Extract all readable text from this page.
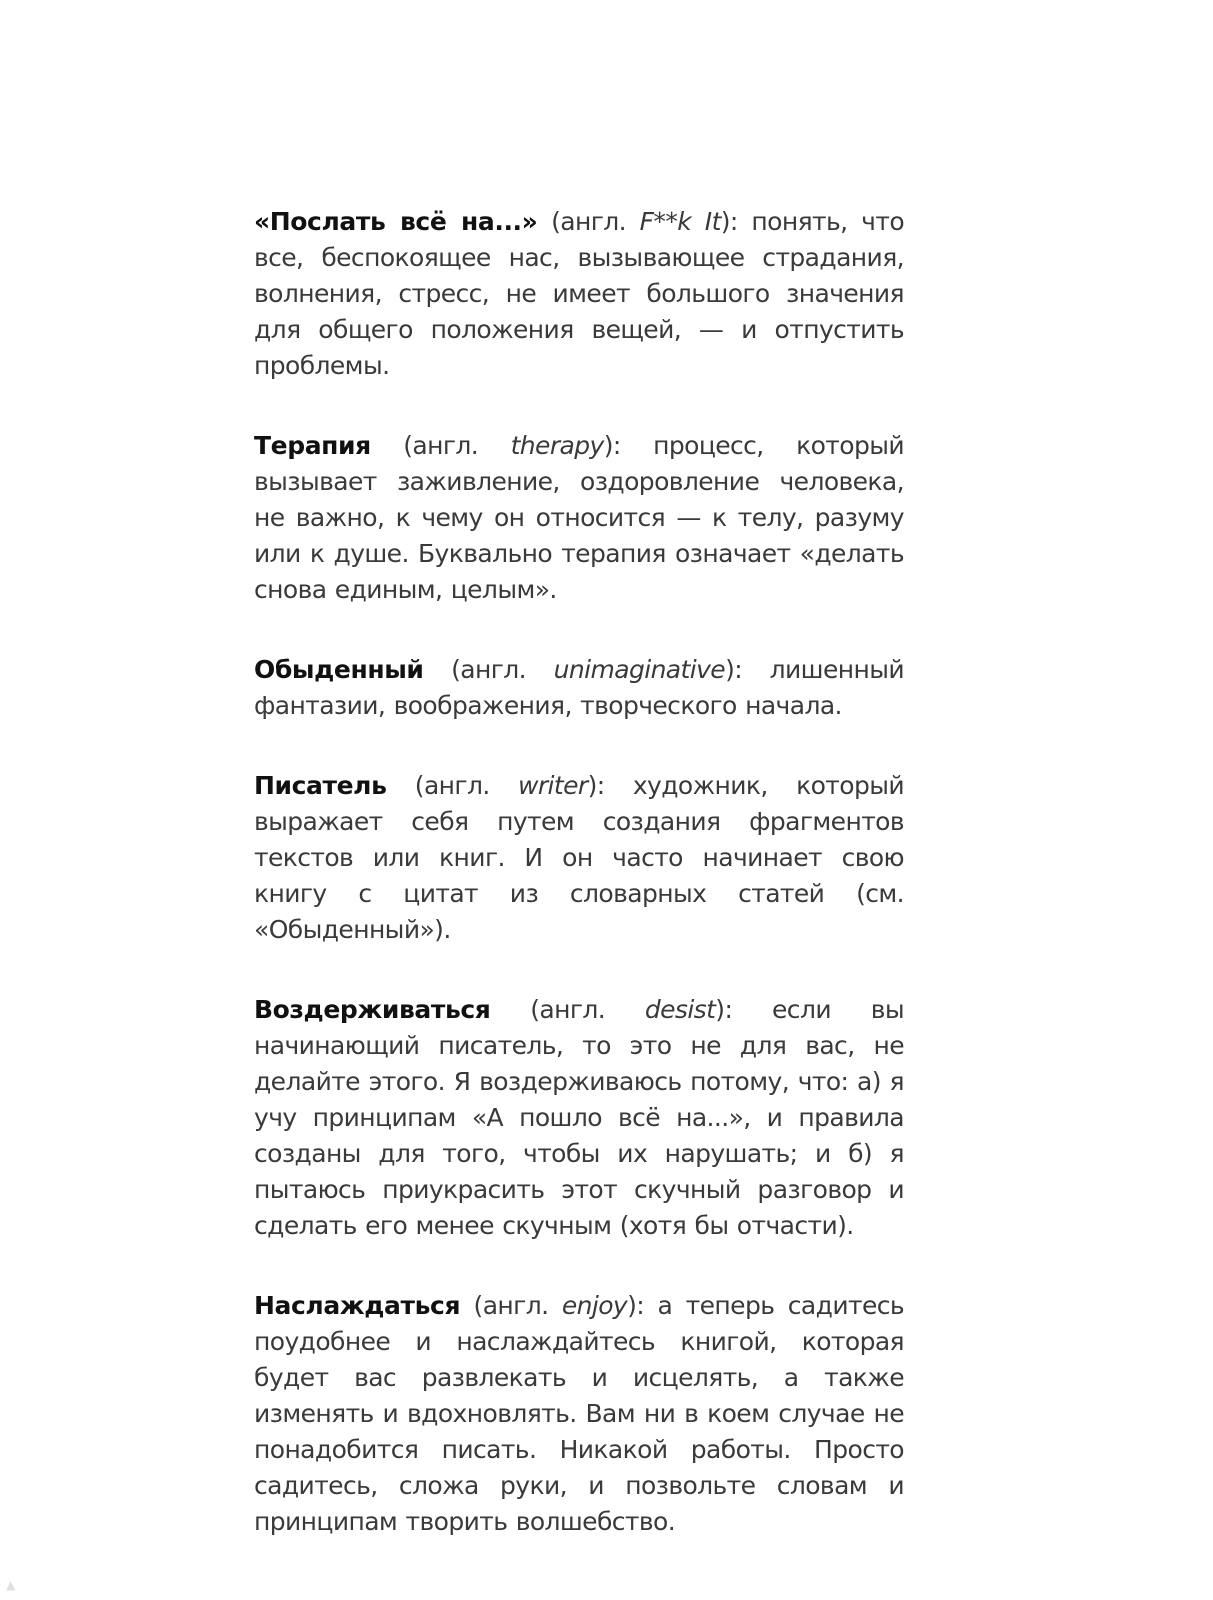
«Послать всё на...» (англ. F**k It): понять, что все, беспокоящее нас, вызывающее страдания, волнения, стресс, не имеет большого значения для общего положения вещей, — и отпустить проблемы.

Терапия (англ. therapy): процесс, который вызывает заживление, оздоровление человека, не важно, к чему он относится — к телу, разуму или к душе. Буквально терапия означает «делать снова единым, целым».

Обыденный (англ. unimaginative): лишенный фантазии, воображения, творческого начала.

Писатель (англ. writer): художник, который выражает себя путем создания фрагментов текстов или книг. И он часто начинает свою книгу с цитат из словарных статей (см. «Обыденный»).

Воздерживаться (англ. desist): если вы начинающий писатель, то это не для вас, не делайте этого. Я воздерживаюсь потому, что: а) я учу принципам «А пошло всё на...», и правила созданы для того, чтобы их нарушать; и б) я пытаюсь приукрасить этот скучный разговор и сделать его менее скучным (хотя бы отчасти).

Наслаждаться (англ. enjoy): а теперь садитесь поудобнее и наслаждайтесь книгой, которая будет вас развлекать и исцелять, а также изменять и вдохновлять. Вам ни в коем случае не понадобится писать. Никакой работы. Просто садитесь, сложа руки, и позвольте словам и принципам творить волшебство.

▲
